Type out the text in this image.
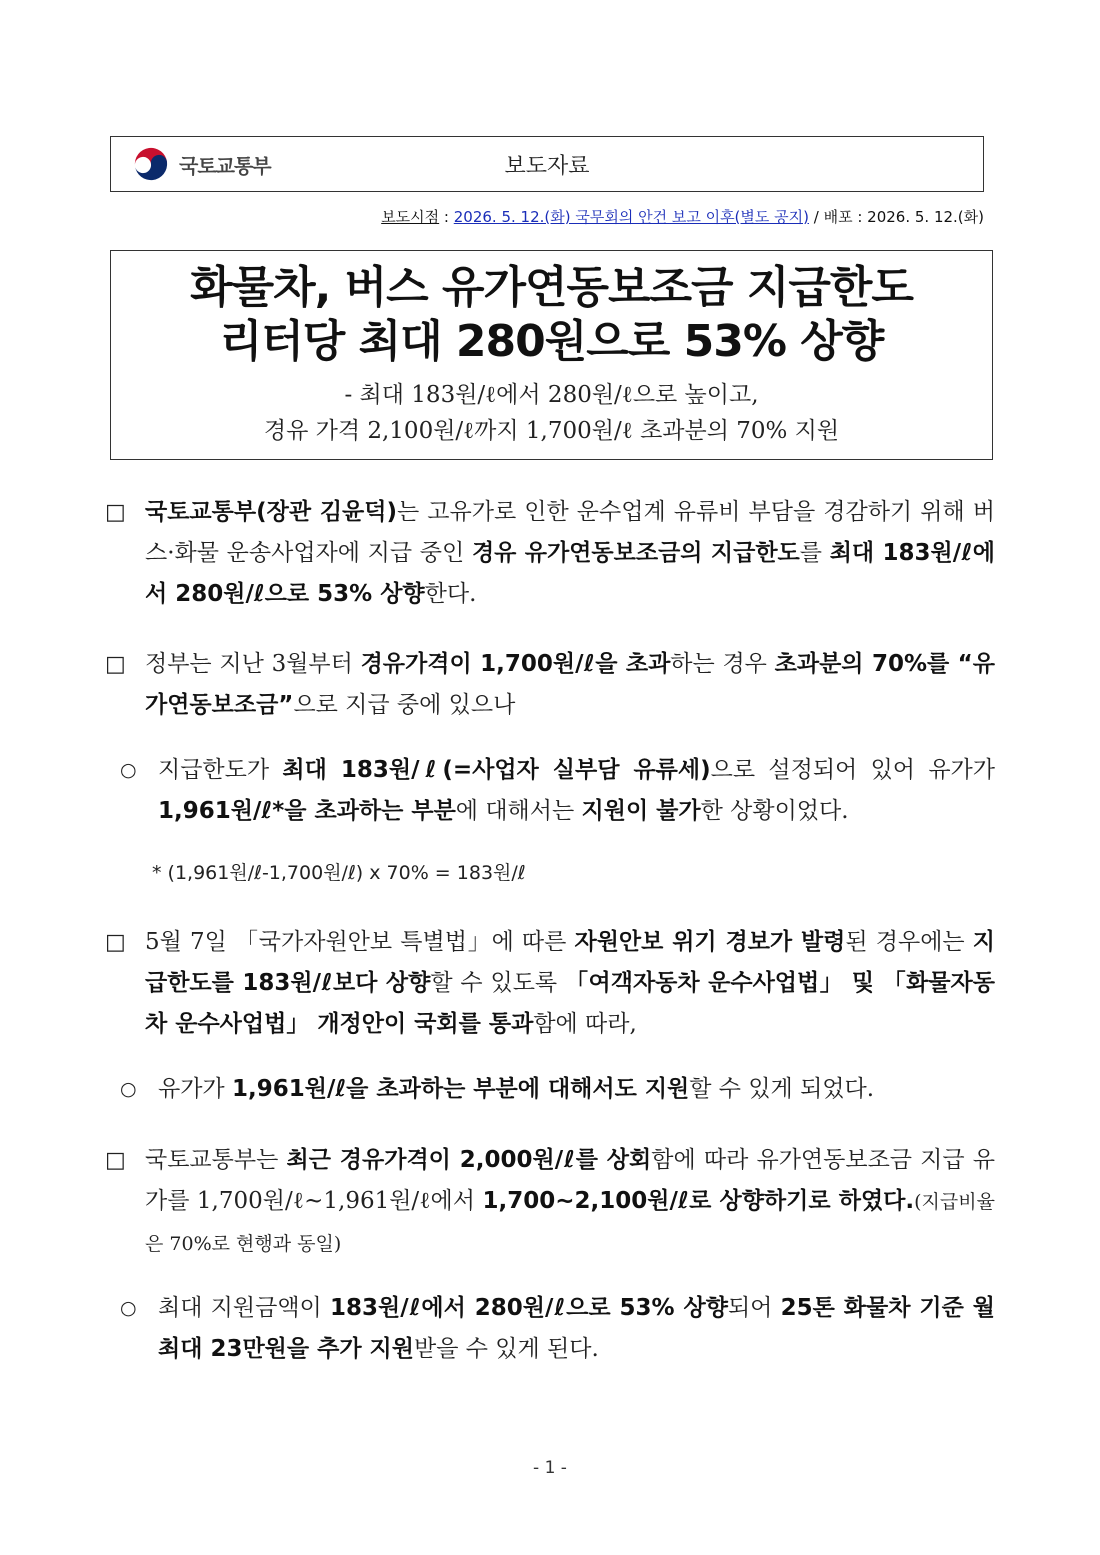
국토교통부	보도자료
보도시점 : 2026. 5. 12.(화) 국무회의 안건 보고 이후(별도 공지) / 배포 : 2026. 5. 12.(화)
화물차, 버스 유가연동보조금 지급한도
리터당 최대 280원으로 53% 상향
- 최대 183원/ℓ에서 280원/ℓ으로 높이고,
경유 가격 2,100원/ℓ까지 1,700원/ℓ 초과분의 70% 지원
□ 국토교통부(장관 김윤덕)는 고유가로 인한 운수업계 유류비 부담을 경감하기 위해 버스·화물 운송사업자에 지급 중인 경유 유가연동보조금의 지급한도를 최대 183원/ℓ에서 280원/ℓ으로 53% 상향한다.
□ 정부는 지난 3월부터 경유가격이 1,700원/ℓ을 초과하는 경우 초과분의 70%를 “유가연동보조금”으로 지급 중에 있으나
○ 지급한도가 최대 183원/ℓ(=사업자 실부담 유류세)으로 설정되어 있어 유가가 1,961원/ℓ*을 초과하는 부분에 대해서는 지원이 불가한 상황이었다.
* (1,961원/ℓ-1,700원/ℓ) x 70% = 183원/ℓ
□ 5월 7일 「국가자원안보 특별법」에 따른 자원안보 위기 경보가 발령된 경우에는 지급한도를 183원/ℓ보다 상향할 수 있도록 「여객자동차 운수사업법」 및 「화물자동차 운수사업법」 개정안이 국회를 통과함에 따라,
○ 유가가 1,961원/ℓ을 초과하는 부분에 대해서도 지원할 수 있게 되었다.
□ 국토교통부는 최근 경유가격이 2,000원/ℓ를 상회함에 따라 유가연동보조금 지급 유가를 1,700원/ℓ~1,961원/ℓ에서 1,700~2,100원/ℓ로 상향하기로 하였다.(지급비율은 70%로 현행과 동일)
○ 최대 지원금액이 183원/ℓ에서 280원/ℓ으로 53% 상향되어 25톤 화물차 기준 월 최대 23만원을 추가 지원받을 수 있게 된다.
- 1 -
